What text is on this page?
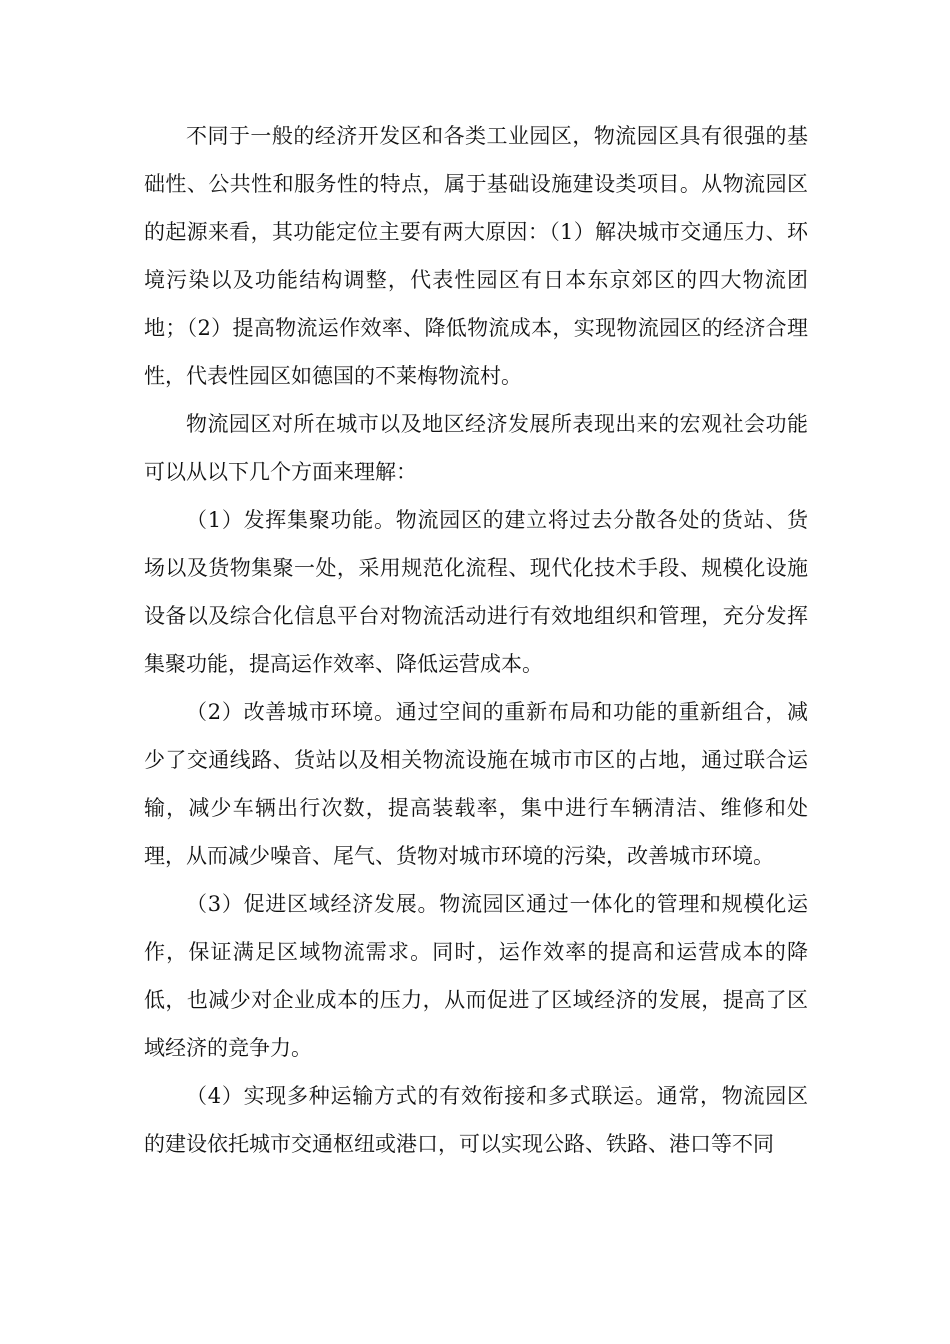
不同于一般的经济开发区和各类工业园区，物流园区具有很强的基础性、公共性和服务性的特点，属于基础设施建设类项目。从物流园区的起源来看，其功能定位主要有两大原因：（1）解决城市交通压力、环境污染以及功能结构调整，代表性园区有日本东京郊区的四大物流团地；（2）提高物流运作效率、降低物流成本，实现物流园区的经济合理性，代表性园区如德国的不莱梅物流村。

物流园区对所在城市以及地区经济发展所表现出来的宏观社会功能可以从以下几个方面来理解：

（1）发挥集聚功能。物流园区的建立将过去分散各处的货站、货场以及货物集聚一处，采用规范化流程、现代化技术手段、规模化设施设备以及综合化信息平台对物流活动进行有效地组织和管理，充分发挥集聚功能，提高运作效率、降低运营成本。

（2）改善城市环境。通过空间的重新布局和功能的重新组合，减少了交通线路、货站以及相关物流设施在城市市区的占地，通过联合运输，减少车辆出行次数，提高装载率，集中进行车辆清洁、维修和处理，从而减少噪音、尾气、货物对城市环境的污染，改善城市环境。

（3）促进区域经济发展。物流园区通过一体化的管理和规模化运作，保证满足区域物流需求。同时，运作效率的提高和运营成本的降低，也减少对企业成本的压力，从而促进了区域经济的发展，提高了区域经济的竞争力。

（4）实现多种运输方式的有效衔接和多式联运。通常，物流园区的建设依托城市交通枢纽或港口，可以实现公路、铁路、港口等不同
